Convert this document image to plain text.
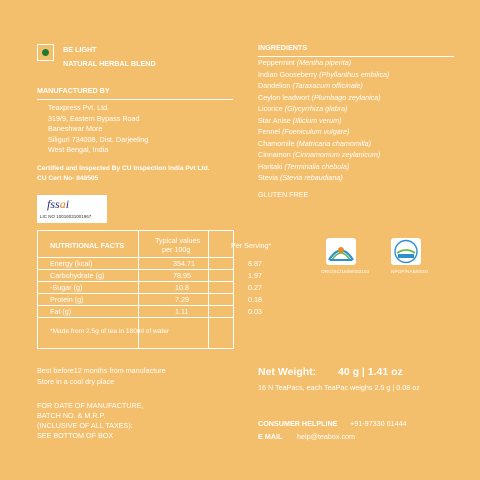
BE LIGHT
NATURAL HERBAL BLEND
MANUFACTURED BY
Teaxpress Pvt. Ltd.
319/9, Eastern Bypass Road
Baneshwar More
Siliguri 734008, Dist. Darjeeling
West Bengal, India
Certified and Inspected By CU Inspection India Pvt Ltd.
CU Cert No- 848505
fssai
LIC NO 10016031001967
INGREDIENTS
Peppermint (Mentha piperita)
Indian Gooseberry (Phyllanthus embilica)
Dandelion (Taraxacum officinale)
Ceylon leadwort (Plumbago zeylanica)
Licorice (Glycyrrhiza glabra)
Star Anise (Illicium verum)
Fennel (Foeniculum vulgare)
Chamomile (Matricaria chamomilla)
Cinnamon (Cinnamomum zeylanicum)
Haritaki (Terminalia chebula)
Stevia (Stevia rebaudiana)
GLUTEN FREE
ORG/SC/1609/002103	NPOP/NAB/0010
NUTRITIONAL FACTS
Typical values
per 100g	Per Serving*
Energy (kcal)	354.71	8.87
Carbohydrate (g)	78.95	1.97
-Sugar (g)	10.8	0.27
Protein (g)	7.29	0.18
Fat (g)	1.11	0.03
*Made from 2.5g of tea in 180ml of water
Best before12 months from manufacture
Store in a cool dry place
FOR DATE OF MANUFACTURE,
BATCH NO. & M.R.P.
(INCLUSIVE OF ALL TAXES):
SEE BOTTOM OF BOX
Net Weight: 40 g | 1.41 oz
16 N TeaPacs, each TeaPac weighs 2.5 g | 0.08 oz
CONSUMER HELPLINE +91-97330 61444
E MAIL help@teabox.com
